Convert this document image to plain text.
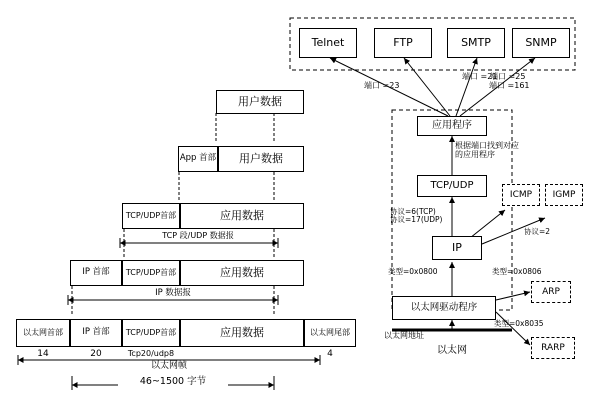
用户数据
App 首部 用户数据
TCP/UDP首部	应用数据
IP 首部 TCP/UDP首部	应用数据
以太网首部 IP 首部 TCP/UDP首部	应用数据	以太网尾部
14	20	Tcp20/udp8	4
TCP 段/UDP 数据报
IP 数据报
以太网帧
46~1500 字节
Telnet	FTP	SMTP	SNMP
端口 =23
端口 =21
端口 =25
端口 =161
应用程序
根据端口找到对应
的应用程序
TCP/UDP
ICMP	IGMP
协议=6(TCP)
协议=17(UDP)
IP
协议=2
类型=0x0800	类型=0x0806
以太网驱动程序
ARP
RARP
类型=0x8035
以太网地址
以太网
